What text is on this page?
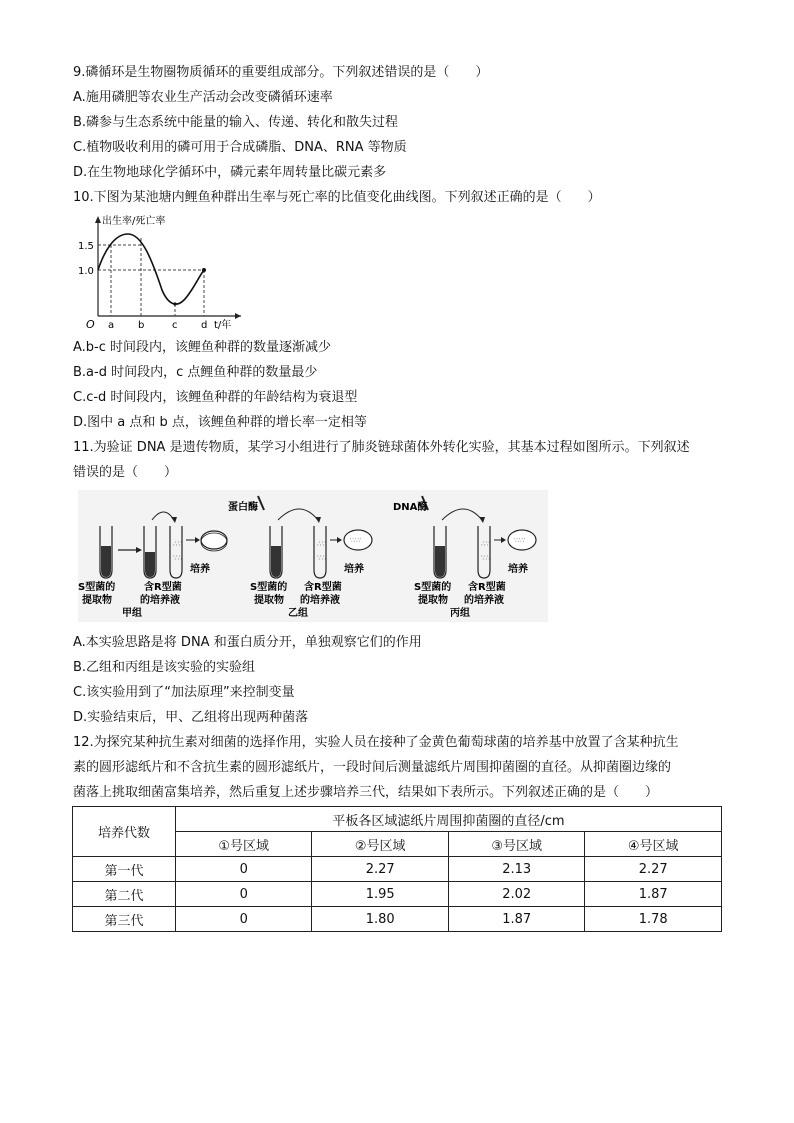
9.磷循环是生物圈物质循环的重要组成部分。下列叙述错误的是（　　）
A.施用磷肥等农业生产活动会改变磷循环速率
B.磷参与生态系统中能量的输入、传递、转化和散失过程
C.植物吸收利用的磷可用于合成磷脂、DNA、RNA 等物质
D.在生物地球化学循环中，磷元素年周转量比碳元素多
10.下图为某池塘内鲤鱼种群出生率与死亡率的比值变化曲线图。下列叙述正确的是（　　）
出生率/死亡率
1.5
1.0
O a b	c d t/年
A.b-c 时间段内，该鲤鱼种群的数量逐渐减少
B.a-d 时间段内，c 点鲤鱼种群的数量最少
C.c-d 时间段内，该鲤鱼种群的年龄结构为衰退型
D.图中 a 点和 b 点，该鲤鱼种群的增长率一定相等
11.为验证 DNA 是遗传物质，某学习小组进行了肺炎链球菌体外转化实验，其基本过程如图所示。下列叙述
错误的是（　　）
∴∵
∵∴
S型菌的
提取物
含R型菌
的培养液
培养
甲组
∴∵
∵∴
∵∴∵
蛋白酶
S型菌的
提取物
含R型菌
的培养液
培养
乙组
∴∵
∵∴
∵∴∵
DNA酶
S型菌的
提取物
含R型菌
的培养液
培养
丙组
A.本实验思路是将 DNA 和蛋白质分开，单独观察它们的作用
B.乙组和丙组是该实验的实验组
C.该实验用到了“加法原理”来控制变量
D.实验结束后，甲、乙组将出现两种菌落
12.为探究某种抗生素对细菌的选择作用，实验人员在接种了金黄色葡萄球菌的培养基中放置了含某种抗生
素的圆形滤纸片和不含抗生素的圆形滤纸片，一段时间后测量滤纸片周围抑菌圈的直径。从抑菌圈边缘的
菌落上挑取细菌富集培养，然后重复上述步骤培养三代，结果如下表所示。下列叙述正确的是（　　）
培养代数	平板各区域滤纸片周围抑菌圈的直径/cm			
	①号区域	②号区域	③号区域	④号区域
第一代	0	2.27	2.13	2.27
第二代	0	1.95	2.02	1.87
第三代	0	1.80	1.87	1.78
